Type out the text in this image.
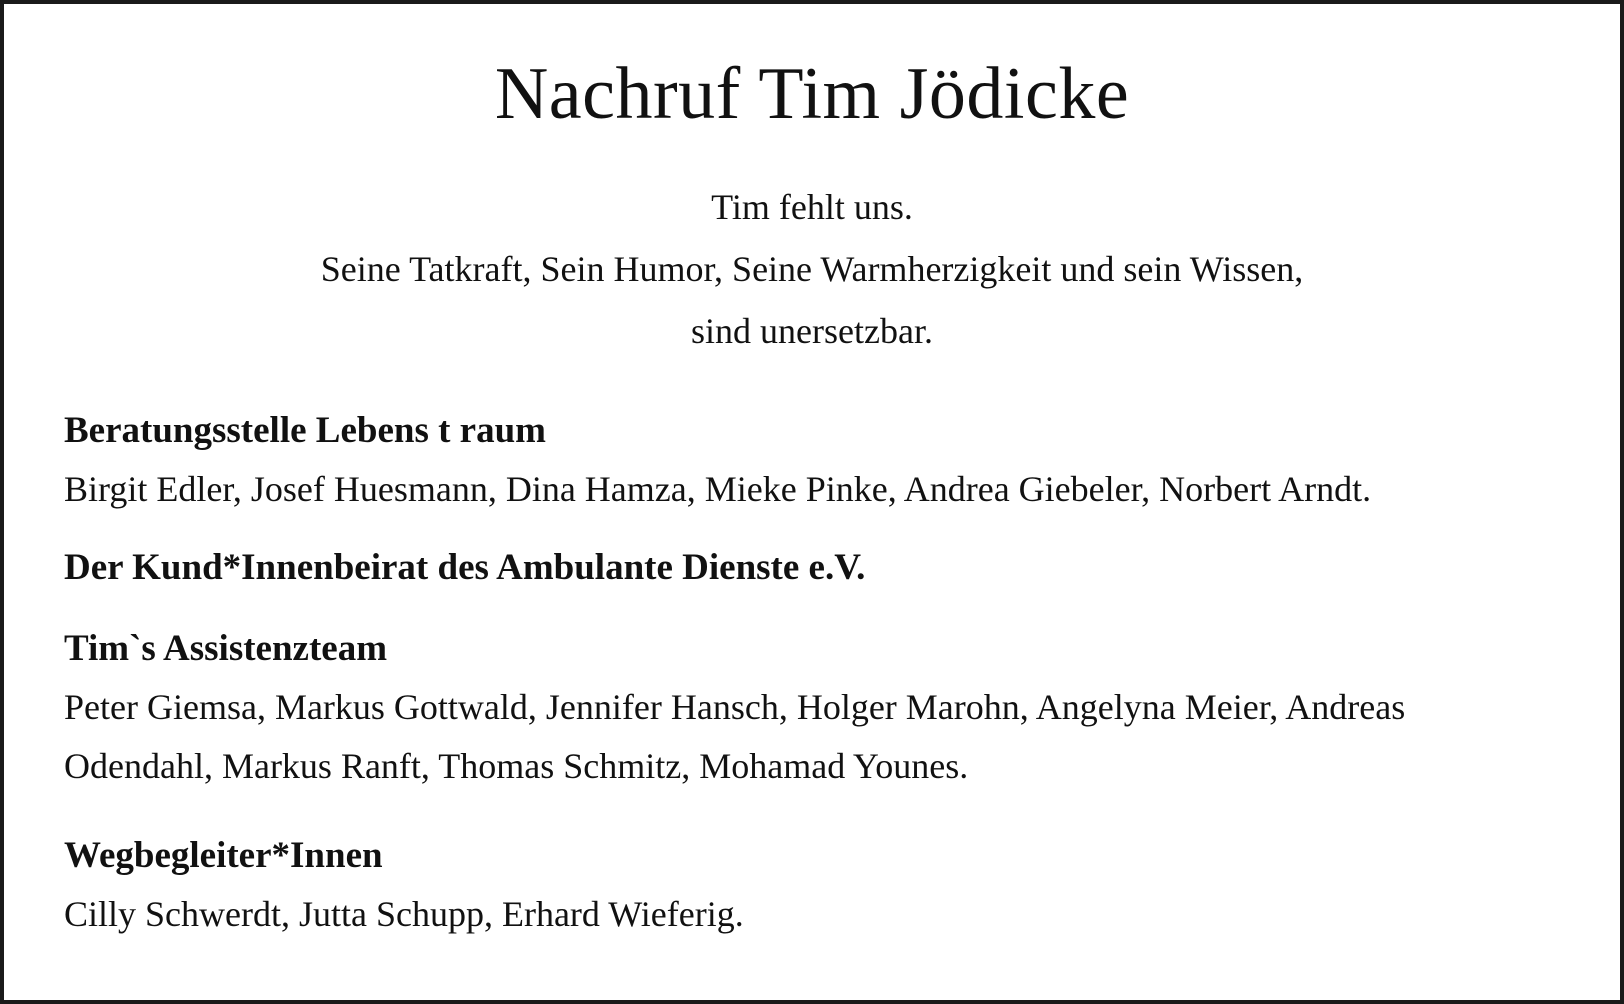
Nachruf Tim Jödicke
Tim fehlt uns.
Seine Tatkraft, Sein Humor, Seine Warmherzigkeit und sein Wissen,
sind unersetzbar.
Beratungsstelle Lebens t raum
Birgit Edler, Josef Huesmann, Dina Hamza, Mieke Pinke, Andrea Giebeler, Norbert Arndt.
Der Kund*Innenbeirat des Ambulante Dienste e.V.
Tim`s Assistenzteam
Peter Giemsa, Markus Gottwald, Jennifer Hansch, Holger Marohn, Angelyna Meier, Andreas
Odendahl, Markus Ranft, Thomas Schmitz, Mohamad Younes.
Wegbegleiter*Innen
Cilly Schwerdt, Jutta Schupp, Erhard Wieferig.
